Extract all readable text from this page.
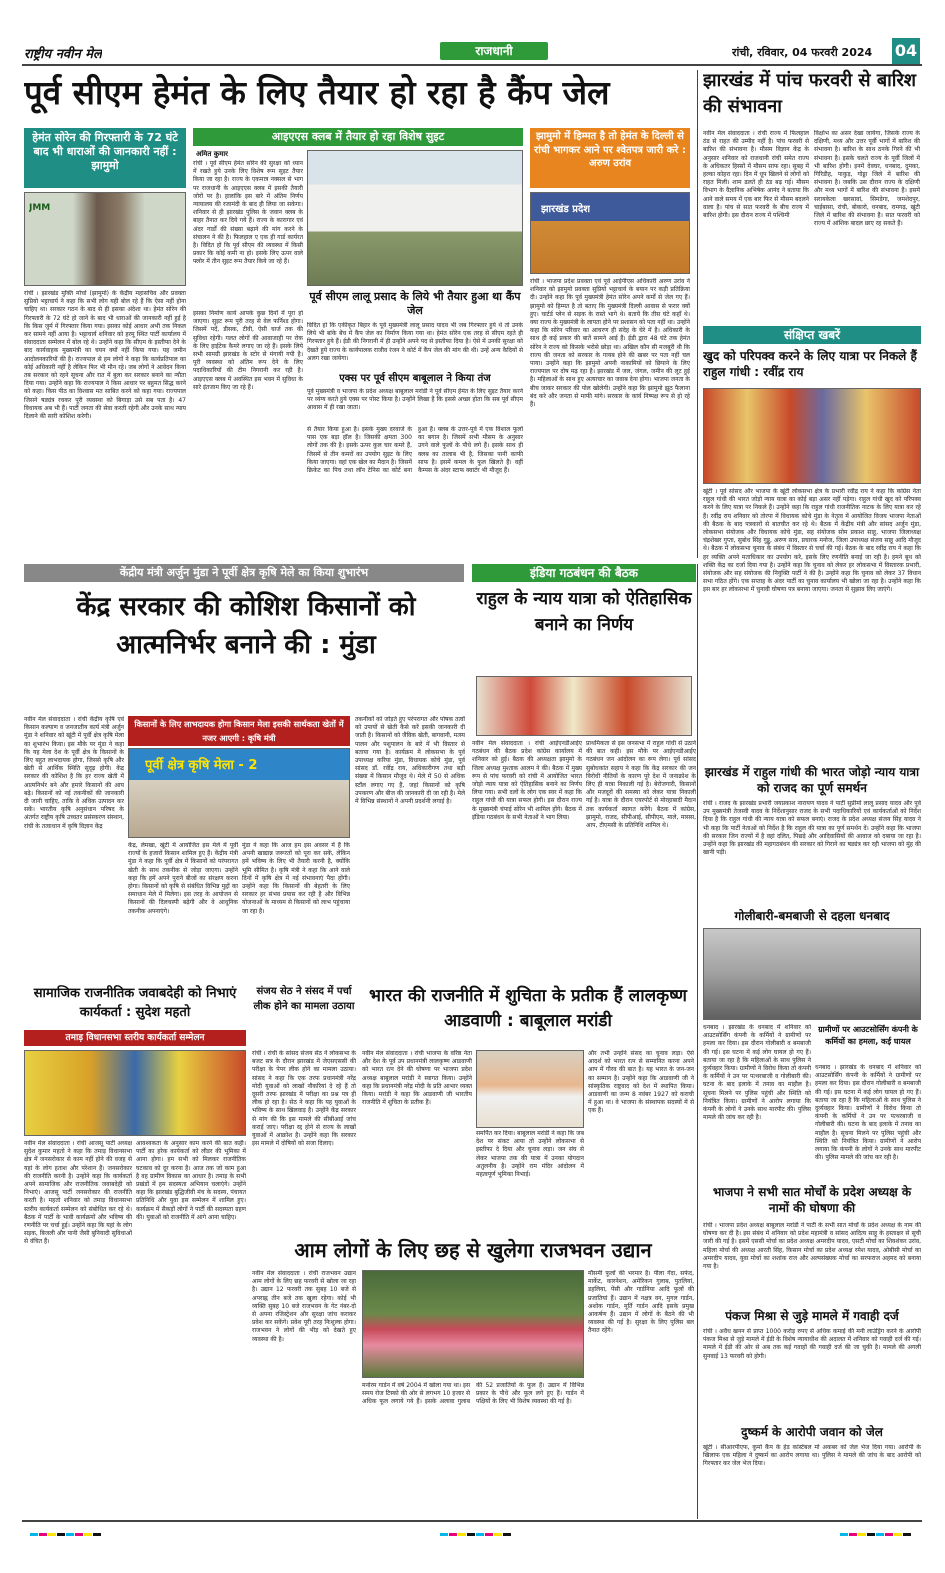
राष्ट्रीय नवीन मेल	राजधानी	रांची, रविवार, 04 फरवरी 2024 04
पूर्व सीएम हेमंत के लिए तैयार हो रहा है कैंप जेल
हेमंत सोरेन की गिरफ्तारी के 72 घंटे बाद भी धाराओं की जानकारी नहीं : झामुमो
JMM
रांची । झारखंड मुक्ति मोर्चा (झामुमो) के केंद्रीय महासचिव और प्रवक्ता सुप्रियो भट्टाचार्य ने कहा कि सभी लोग यही बोल रहे हैं कि ऐसा नहीं होना चाहिए था। सरकार गठन के बाद से ही इसका अंदेशा था। हेमंत सोरेन की गिरफ्तारी के 72 घंटे हो जाने के बाद भी धाराओं की जानकारी नहीं हुई है कि किस जुर्म में गिरफ्तार किया गया। इसका कोई आधार अभी तक निकल कर सामने नहीं आया है। भट्टाचार्य शनिवार को हरमू स्थित पार्टी कार्यालय में संवाददाता सम्मेलन में बोल रहे थे। उन्होंने कहा कि सीएम के इस्तीफा देने के बाद कार्यवाहक मुख्यमंत्री का चयन क्यों नहीं किया गया। यह जमीन आदोलनकारियों की है। राज्यपाल से हम लोगों ने कहा कि कार्यप्रतिपाल का कोई अधिकारी नहीं है लेकिन फिर भी मौन रहे। जब लोगों ने आवेदन किया तब सरकार को रहने सूचना और रात में बुला कर सरकार बनाने का न्यौता दिया गया। उन्होंने कहा कि राज्यपाल ने किस आधार पर बहुमत सिद्ध करने को कहा। किस पीठ का विश्वास मत साबित करने को कहा गया। राज्यपाल जिसने षड्यंत्र रचकर पूरी व्यवस्था को बिगाड़ा उसे सब पता है। 47 विधायक अब भी हैं। पार्टी जनता की सेवा करती रहेगी और उनके साथ न्याय दिलाने की सारी कोशिश करेगी।
आइएएस क्लब में तैयार हो रहा विशेष सुइट
अमित कुमार
रांची । पूर्व सीएम हेमंत सोरेन की सुरक्षा को ध्यान में रखते हुये उनके लिए विशेष रूम सुइट तैयार किया जा रहा है। राज्य के एकमात्र नक्सल से भाग पर राजधानी के आइएएस क्लब में इसकी तैयारी जोरों पर है। हालांकि इस बारे में अंतिम निर्णय न्यायालय की रजामंदी के बाद ही लिया जा सकेगा। शनिवार से ही झारखंड पुलिस के जवान क्लब के बाहर तैनात कर दिये गये हैं। राज्य के कारागार एवं अंदर गार्डों की संख्या बढ़ाने की मांग करने के संचालन ने की है। फिलहाल ए एक ही गार्ड कार्यरत है। विदित हो कि पूर्व सीएम की व्यवस्था में किसी प्रकार कि कोई कमी ना हो। इसके लिए ऊपर वाले फ्लोर में तीन सुइट रूम तैयार किये जा रहे हैं।
इसका निर्माण कार्य आपके कुछ दिनों में पूरा हो जाएगा। सुइट रूम पूरी तरह से वेल फर्निश्ड होगा। जिसमें पर्दे, डीसक, टीवी, ऐसी चार्ज तक की सुविधा रहेगी। गलत लोगों की आवाजाही पर रोक के लिए हाईटेक कैमरे लगाए जा रहे हैं। इसके लिये सभी सामग्री झारखंड के स्टोर से मंगायी गयी है। पूरी व्यवस्था को अंतिम रूप देने के लिए पदाधिकारियों की टीम निगरानी कर रही है। आइएएस क्लब में अवस्थित इस भवन में सुविधा के सारे इंतजाम किए जा रहे हैं।
पूर्व सीएम लालू प्रसाद के लिये भी तैयार हुआ था कैंप जेल
विदित हो कि एकीकृत बिहार के पूर्व मुख्यमंत्री लालू प्रसाद यादव भी जब गिरफ्तार हुये थे तो उनके लिये भी बांके बेंच में कैंप जेल का निर्माण किया गया था। हेमंत सोरेन एक तरह से सीएम रहते ही गिरफ्तार हुये हैं। ईडी की निगरानी में ही उन्होंने अपने पद से इस्तीफा दिया है। ऐसे में उनकी सुरक्षा को देखते हुये राज्य के कार्यपालक राजीव रंजन ने कोर्ट में कैंप जेल की मांग की थी। उन्हें अन्य कैदियों से अलग रखा जायेगा।
एक्स पर पूर्व सीएम बाबूलाल ने किया तंज
पूर्व मुख्यमंत्री व भाजपा के प्रदेश अध्यक्ष बाबूलाल मरांडी ने पूर्व सीएम हेमंत के लिए सुइट तैयार करने पर व्यंग्य करते हुये एक्स पर पोस्ट किया है। उन्होंने लिखा है कि इससे अच्छा होता कि सब पूर्व सीएम आवास में ही रखा जाता।
से तैयार किया हुआ है। इसके मुख्य दरवाजे के पास एक बड़ा हॉल है। जिसकी क्षमता 300 लोगों तक की है। इसके ऊपर कुल चार कमरे हैं, जिसमें से तीन कमरों का उपयोग सुइट के लिए किया जाएगा। वहां एक खेल का मैदान है। जिसमें क्रिकेट का पिच तथा लॉन टेनिस का कोर्ट बना हुआ है। क्लब के उत्तर-पूर्व में एक विशाल फूलों का बगान है। जिसमें सभी मौसम के अनुसार उगने वाले फूलों के पौधे लगे हैं। इसके साथ ही क्लब का तालाब भी है, जिसका पानी काफी साफ है। इसमें कमल के फूल खिलते हैं। वहीं कैम्पस के अंदर स्टाफ क्वार्टर भी मौजूद हैं।
झामुमो में हिम्मत है तो हेमंत के दिल्ली से रांची भागकर आने पर श्वेतपत्र जारी करे : अरुण उरांव
झारखंड प्रदेश
रांची । भाजपा प्रदेश प्रवक्ता एवं पूर्व आईपीएस अधिकारी अरुण उरांव ने शनिवार को झामुमो प्रवक्ता सुप्रियो भट्टाचार्य के बयान पर कड़ी प्रतिक्रिया दी। उन्होंने कहा कि पूर्व मुख्यमंत्री हेमंत सोरेन अपने कर्मों से जेल गए हैं। झामुमो को हिम्मत है तो बताए कि मुख्यमंत्री दिल्ली आवास से फरार क्यों हुए। चार्टर्ड प्लेन से सड़क के रास्ते भागे थे। बतायें कि तीस घंटे कहाँ थे। क्या राज्य के मुख्यमंत्री के लापता होने पर प्रशासन को पता नहीं था। उन्होंने कहा कि सोरेन परिवार का आचरण ही संदेह के घेरे में है। अधिकारी के साथ ही कई प्रकार की बातें सामने आई हैं। ईडी द्वारा 48 घंटे तक हेमंत सोरेन ने राज्य को किसके भरोसे छोड़ा था। अखिल कौन सी मजबूरी थी कि राज्य की जनता को सरकार के गायब होने की खबर पर पता नहीं चल पाया। उन्होंने कहा कि झामुमो अपनी नाकामियों को छिपाने के लिए राज्यपाल पर दोष मढ़ रहा है। झारखंड में जल, जंगल, जमीन की लूट हुई है। महिलाओं के साथ हुए अत्याचार का जवाब देना होगा। भाजपा जनता के बीच जाकर सरकार की पोल खोलेगी। उन्होंने कहा कि झामुमो झूठ फैलाना बंद करे और जनता से माफी मांगे। सरकार के कार्य निष्पक्ष रूप से हो रहे हैं।
झारखंड में पांच फरवरी से बारिश की संभावना
नवीन मेल संवाददाता । रांची राज्य में फिलहाल ठंड से राहत की उम्मीद नहीं है। पांच फरवरी से बारिश की संभावना है। मौसम विज्ञान केंद्र के अनुसार शनिवार को राजधानी रांची समेत राज्य के अधिकतर हिस्सों में मौसम साफ रहा। सुबह में हल्का कोहरा रहा। दिन में धूप खिलने से लोगों को राहत मिली। शाम ढलते ही ठंड बढ़ गई। मौसम विभाग के वैज्ञानिक अभिषेक आनंद ने बताया कि आने वाले समय में एक बार फिर से मौसम बदलने वाला है। पांच से सात फरवरी के बीच राज्य में बारिश होगी। इस दौरान राज्य में पश्चिमी
विक्षोभ का असर देखा जायेगा, जिसके राज्य के दक्षिणी, मध्य और उत्तर पूर्वी भागों में बारिश की संभावना है। बारिश के साथ ठनके गिरने की भी संभावना है। इसके चलते राज्य के पूर्वी जिलों में भी बारिश होगी। इनमें देवघर, धनबाद, दुमका, गिरिडीह, पाकुड़, गोड्डा जिले में बारिश की संभावना है। जबकि उस दौरान राज्य के दक्षिणी और मध्य भागों में बारिश की संभावना है। इसमें सरायकेला खरसावां, सिमडेगा, जमशेदपुर, चाईबासा, रांची, बोकारो, धनबाद, रामगढ़, खूंटी जिले में बारिश की संभावना है। सात फरवरी को राज्य में आंशिक बादल छाए रह सकते हैं।
संक्षिप्त खबरें
खुद को परिपक्व करने के लिए यात्रा पर निकले हैं राहुल गांधी : रवींद्र राय
खूंटी । पूर्व सांसद और भाजपा के खूंटी लोकसभा क्षेत्र के प्रभारी रवींद्र राय ने कहा कि कांग्रेस नेता राहुल गांधी की भारत जोड़ो न्याय यात्रा का कोई बड़ा असर नहीं पड़ेगा। राहुल गांधी खुद को परिपक्व करने के लिए यात्रा पर निकले हैं। उन्होंने कहा कि राहुल गांधी राजनीतिक नाटक के लिए यात्रा कर रहे हैं। रवींद्र राय शनिवार को तोरपा में विधायक कोचे मुंडा के नेतृत्व में आयोजित विजय भाजपा नेताओं की बैठक के बाद पत्रकारों से बातचीत कर रहे थे। बैठक में केंद्रीय मंत्री और सांसद अर्जुन मुंडा, लोकसभा संयोजक और विधायक कोचे मुंडा, सह संयोजक सोम प्रकाश साहू, भाजपा जिलाध्यक्ष चंद्रशेखर गुप्ता, सुबोध सिंह गुड्डू, अरुण साव, प्रचारक मनोज, जिला उपाध्यक्ष संजय साहू आदि मौजूद थे। बैठक में लोकसभा चुनाव के संबंध में विस्तार से चर्चा की गई। बैठक के बाद रवींद्र राय ने कहा कि हर व्यक्ति अपने मताधिकार का उपयोग करे, इसके लिए रणनीति बनाई जा रही है। हमने बूथ को शक्ति केंद्र का दर्जा दिया गया है। उन्होंने कहा कि चुनाव को लेकर हर लोकसभा में विस्तारक प्रभारी, संयोजक और सह संयोजक की नियुक्ति पार्टी ने की है। उन्होंने कहा कि चुनाव को लेकर 37 विधान सभा गठित होंगे। एक सप्ताह के अंदर पार्टी का चुनाव कार्यालय भी खोला जा रहा है। उन्होंने कहा कि इस बार हर लोकसभा में चुनावी घोषणा पत्र बनाया जाएगा। जनता से सुझाव लिए जाएंगे।
केंद्रीय मंत्री अर्जुन मुंडा ने पूर्वी क्षेत्र कृषि मेले का किया शुभारंभ
केंद्र सरकार की कोशिश किसानों को आत्मनिर्भर बनाने की : मुंडा
नवीन मेल संवाददाता । रांची केंद्रीय कृषि एवं किसान कल्याण व जनजातीय कार्य मंत्री अर्जुन मुंडा ने शनिवार को खूंटी में पूर्वी क्षेत्र कृषि मेला का शुभारंभ किया। इस मौके पर मुंडा ने कहा कि यह मेला देश के पूर्वी क्षेत्र के किसानों के लिए बहुत लाभदायक होगा, जिससे कृषि और खेती से आर्थिक स्थिति सुदृढ़ होगी। केंद्र सरकार की कोशिश है कि हर राज्य खेती में आत्मनिर्भर बने और हमारे किसानों की आय बढ़े। किसानों को नई तकनीकों की जानकारी दी जानी चाहिए, ताकि वे अधिक उत्पादन कर सकें। भारतीय कृषि अनुसंधान परिषद के अंतर्गत राष्ट्रीय कृषि उच्चतर प्रसंस्करण संस्थान, रांची के तत्वाधान में कृषि विज्ञान केंद्र
किसानों के लिए लाभदायक होगा किसान मेला इसकी सार्थकता खेतों में नजर आएगी : कृषि मंत्री
पूर्वी क्षेत्र कृषि मेला - 2
केंद्र, लेमखा, खूंटी में आयोजित इस मेले में पूर्वी राज्यों के हजारों किसान शामिल हुए हैं। केंद्रीय मंत्री मुंडा ने कहा कि पूर्वी क्षेत्र में किसानों को परंपरागत खेती के साथ तकनीक से जोड़ा जाएगा। उन्होंने कहा कि हमें अपने पुराने बीजों का संरक्षण करना होगा। किसानों को कृषि से संबंधित विभिन्न मुद्दों का समाधान मेले में मिलेगा। इस तरह के आयोजन से किसानों की दिलचस्पी बढ़ेगी और वे आधुनिक तकनीक अपनाएंगे।
मुंडा ने कहा कि आज हम इस अवसर में हैं कि अपनी खाद्यान्न जरूरतों को पूरा कर सकें, लेकिन हमें भविष्य के लिए भी तैयारी करनी है, क्योंकि भूमि सीमित है। कृषि मंत्री ने कहा कि आने वाले दिनों में कृषि क्षेत्र में नई संभावनाएं पैदा होंगी। उन्होंने कहा कि किसानों की बेहतरी के लिए सरकार हर संभव प्रयास कर रही है और विभिन्न योजनाओं के माध्यम से किसानों को लाभ पहुंचाया जा रहा है।
तकनीकों को जोड़ते हुए परंपरागत और पोषक तत्वों को उपायों से खेती कैसे करें इसकी जानकारी दी जाती है। किसानों को जैविक खेती, बागवानी, मत्स्य पालन और पशुपालन के बारे में भी विस्तार से बताया गया है। कार्यक्रम में लोकसभा के पूर्व उपाध्यक्ष करिया मुंडा, विधायक कोचे मुंडा, पूर्व सांसद डॉ. रवींद्र राय, अधिकारीगण तथा बड़ी संख्या में किसान मौजूद थे। मेले में 50 से अधिक स्टॉल लगाए गए हैं, जहां किसानों को कृषि उपकरण और बीज की जानकारी दी जा रही है। मेले में विभिन्न संस्थानों ने अपनी प्रदर्शनी लगाई है।
इंडिया गठबंधन की बैठक
राहुल के न्याय यात्रा को ऐतिहासिक बनाने का निर्णय
नवीन मेल संवाददाता । रांची आईएनडीआईए गठबंधन की बैठक प्रदेश कांग्रेस कार्यालय में शनिवार को हुई। बैठक की अध्यक्षता झामुमो के जिला अध्यक्ष मुश्ताक आलम ने की। बैठक में मुख्य रूप से पांच फरवरी को रांची में आयोजित भारत जोड़ो न्याय यात्रा को ऐतिहासिक बनाने का निर्णय लिया गया। सभी दलों के लोग एक स्वर में कहा कि राहुल गांधी की यात्रा सफल होगी। इस दौरान राज्य के मुख्यमंत्री चंपाई सोरेन भी शामिल होंगे। बैठक में इंडिया गठबंधन के सभी नेताओं ने भाग लिया।
प्राथमिकता से इस जनसभा में राहुल गांधी से उठाने की बात कही। इस मौके पर आईएनडीआईए गठबंधन जन आंदोलन का रूप लेगा। पूर्व सांसद सुबोधकांत सहाय ने कहा कि केंद्र सरकार की जन विरोधी नीतियों के कारण पूरे देश में जनाक्रोश के लिए ही यात्रा निकाली गई है। बेरोजगारी, किसानों और मजदूरों की समस्या को लेकर यात्रा निकाली गई है। यात्रा के दौरान एयरपोर्ट से मोरहाबादी मैदान तक कार्यकर्ता स्वागत करेंगे। बैठक में कांग्रेस, झामुमो, राजद, सीपीआई, सीपीएम, माले, मासस, आप, टीएमसी के प्रतिनिधि शामिल थे।
झारखंड में राहुल गांधी की भारत जोड़ो न्याय यात्रा को राजद का पूर्ण समर्थन
रांची । राजद के झारखंड प्रभारी जयप्रकाश नारायण यादव ने पार्टी सुप्रीमो लालू प्रसाद यादव और पूर्व उप मुख्यमंत्री तेजस्वी यादव के निर्देशानुसार राजद के सभी पदाधिकारियों एवं कार्यकर्ताओं को निर्देश दिया है कि राहुल गांधी की न्याय यात्रा को सफल बनाएं। राजद के प्रदेश अध्यक्ष संजय सिंह यादव ने भी कहा कि पार्टी नेताओं को निर्देश है कि राहुल की यात्रा का पूर्ण समर्थन दें। उन्होंने कहा कि भाजपा की सरकार जिन राज्यों में है वहां दलित, पिछड़े और आदिवासियों की आवाज को दबाया जा रहा है। उन्होंने कहा कि झारखंड की महागठबंधन की सरकार को गिराने का षड्यंत्र कर रही भाजपा को मुंह की खानी पड़ी।
गोलीबारी-बमबाजी से दहला धनबाद
धनबाद । झारखंड के धनबाद में शनिवार को आउटसोर्सिंग कंपनी के कर्मियों ने ग्रामीणों पर हमला कर दिया। इस दौरान गोलीबारी व बमबाजी की गई। इस घटना में कई लोग घायल हो गए हैं। बताया जा रहा है कि महिलाओं के साथ पुलिस ने दुर्व्यवहार किया। ग्रामीणों ने विरोध किया तो कंपनी के कर्मियों ने उन पर पत्थरबाजी व गोलीबारी की। घटना के बाद इलाके में तनाव का माहौल है। सूचना मिलने पर पुलिस पहुंची और स्थिति को नियंत्रित किया। ग्रामीणों ने आरोप लगाया कि कंपनी के लोगों ने उनके साथ मारपीट की। पुलिस मामले की जांच कर रही है।
ग्रामीणों पर आउटसोर्सिंग कंपनी के कर्मियों का हमला, कई घायल
धनबाद । झारखंड के धनबाद में शनिवार को आउटसोर्सिंग कंपनी के कर्मियों ने ग्रामीणों पर हमला कर दिया। इस दौरान गोलीबारी व बमबाजी की गई। इस घटना में कई लोग घायल हो गए हैं। बताया जा रहा है कि महिलाओं के साथ पुलिस ने दुर्व्यवहार किया। ग्रामीणों ने विरोध किया तो कंपनी के कर्मियों ने उन पर पत्थरबाजी व गोलीबारी की। घटना के बाद इलाके में तनाव का माहौल है। सूचना मिलने पर पुलिस पहुंची और स्थिति को नियंत्रित किया। ग्रामीणों ने आरोप लगाया कि कंपनी के लोगों ने उनके साथ मारपीट की। पुलिस मामले की जांच कर रही है।
भाजपा ने सभी सात मोर्चों के प्रदेश अध्यक्ष के नामों की घोषणा की
रांची । भाजपा प्रदेश अध्यक्ष बाबूलाल मरांडी ने पार्टी के सभी सात मोर्चों के प्रदेश अध्यक्ष के नाम की घोषणा कर दी है। इस संबंध में शनिवार को प्रदेश महामंत्री व सांसद आदित्य साहू के हस्ताक्षर से सूची जारी की गई है। इसमें एससी मोर्चा का प्रदेश अध्यक्ष अमरदीप यादव, एसटी मोर्चा का शिवशंकर उरांव, महिला मोर्चा की अध्यक्ष आरती सिंह, किसान मोर्चा का प्रदेश अध्यक्ष रमेश यादव, ओबीसी मोर्चा का अमरदीप यादव, युवा मोर्चा का शशांक राज और अल्पसंख्यक मोर्चा का सरफराज अहमद को बनाया गया है।
पंकज मिश्रा से जुड़े मामले में गवाही दर्ज
रांची । अवैध खनन से प्राप्त 1000 करोड़ रुपए से अधिक कमाई की मनी लाउंड्रिंग करने के आरोपी पंकज मिश्रा से जुड़े मामले में ईडी के विशेष न्यायाधीश की अदालत में शनिवार को गवाही दर्ज की गई। मामले में ईडी की ओर से अब तक कई गवाहों की गवाही दर्ज की जा चुकी है। मामले की अगली सुनवाई 13 फरवरी को होगी।
दुष्कर्म के आरोपी जवान को जेल
खूंटी । सीआरपीएफ, कुर्मा कैंप के हेड कांस्टेबल मो अकबर को जेल भेज दिया गया। आरोपी के खिलाफ एक महिला ने दुष्कर्म का आरोप लगाया था। पुलिस ने मामले की जांच के बाद आरोपी को गिरफ्तार कर जेल भेज दिया।
सामाजिक राजनीतिक जवाबदेही को निभाएं कार्यकर्ता : सुदेश महतो
तमाड़ विधानसभा स्तरीय कार्यकर्ता सम्मेलन
नवीन मेल संवाददाता । रांची आजसू पार्टी अध्यक्ष सुदेश कुमार महतो ने कहा कि तमाड़ विधानसभा क्षेत्र में जनसरोकार से काम नहीं होने की वजह से यहां के लोग हताश और परेशान हैं। जनसरोकार की राजनीति करनी है। उन्होंने कहा कि कार्यकर्ता अपने सामाजिक और राजनीतिक जवाबदेही को निभाएं। आजसू पार्टी जनसरोकार की राजनीति करती है। महतो शनिवार को तमाड़ विधानसभा स्तरीय कार्यकर्ता सम्मेलन को संबोधित कर रहे थे। बैठक में पार्टी के भावी कार्यक्रमों और भविष्य की रणनीति पर चर्चा हुई। उन्होंने कहा कि यहां के लोग सड़क, बिजली और पानी जैसी बुनियादी सुविधाओं से वंचित हैं।
आवश्यकता के अनुसार काम करने की बात कही। पार्टी का हरेक कार्यकर्ता को लीडर की भूमिका में आना होगा। हम सभी को मिलकर राजनीतिक घटकाव को दूर करना है। आज तक जो काम हुआ है वह ग्रामीण विकास का आधार है। तमाड़ के सभी प्रखंडों में हम सदस्यता अभियान चलाएंगे। उन्होंने कहा कि झारखंड बुद्धिजीवी मंच के सदस्य, पंचायत प्रतिनिधि और युवा इस सम्मेलन में शामिल हुए। कार्यक्रम में सैकड़ों लोगों ने पार्टी की सदस्यता ग्रहण की। युवाओं को राजनीति में आगे आना चाहिए।
संजय सेठ ने संसद में पर्चा लीक होने का मामला उठाया
रांची । रांची के सांसद संजय सेठ ने लोकसभा के बजट सत्र के दौरान झारखंड में जेएसएससी की परीक्षा के पेपर लीक होने का मामला उठाया। सांसद ने कहा कि एक तरफ प्रधानमंत्री नरेंद्र मोदी युवाओं को लाखों नौकरियां दे रहे हैं तो दूसरी तरफ झारखंड में परीक्षा का प्रश्न पत्र ही लीक हो रहा है। सेठ ने कहा कि यह युवाओं के भविष्य के साथ खिलवाड़ है। उन्होंने केंद्र सरकार से मांग की कि इस मामले की सीबीआई जांच कराई जाए। परीक्षा रद्द होने से राज्य के लाखों युवाओं में आक्रोश है। उन्होंने कहा कि सरकार इस मामले में दोषियों को सजा दिलाए।
भारत की राजनीति में शुचिता के प्रतीक हैं लालकृष्ण आडवाणी : बाबूलाल मरांडी
नवीन मेल संवाददाता । रांची भाजपा के वरिष्ठ नेता और देश के पूर्व उप प्रधानमंत्री लालकृष्ण आडवाणी को भारत रत्न देने की घोषणा पर भाजपा प्रदेश अध्यक्ष बाबूलाल मरांडी ने स्वागत किया। उन्होंने कहा कि प्रधानमंत्री नरेंद्र मोदी के प्रति आभार व्यक्त किया। मरांडी ने कहा कि आडवाणी जी भारतीय राजनीति में शुचिता के प्रतीक हैं।
समर्पित कर दिया। बाबूलाल मरांडी ने कहा कि जब देश पर संकट आया तो उन्होंने लोकसभा से इस्तीफा दे दिया और चुनाव लड़ा। जन संघ से लेकर भाजपा तक की यात्रा में उनका योगदान अतुलनीय है। उन्होंने राम मंदिर आंदोलन में महत्वपूर्ण भूमिका निभाई।
और तभी उन्होंने संसद का चुनाव लड़ा। ऐसे आदर्श को भारत रत्न से सम्मानित करना अपने आप में गौरव की बात है। यह भारत के जन-जन का सम्मान है। उन्होंने कहा कि आडवाणी जी ने सांस्कृतिक राष्ट्रवाद को देश में स्थापित किया। आडवाणी का जन्म 8 नवंबर 1927 को कराची में हुआ था। वे भाजपा के संस्थापक सदस्यों में से एक हैं।
आम लोगों के लिए छह से खुलेगा राजभवन उद्यान
नवीन मेल संवाददाता । रांची राजभवन उद्यान आम लोगों के लिए छह फरवरी से खोला जा रहा है। उद्यान 12 फरवरी तक सुबह 10 बजे से अपराह्न तीन बजे तक खुला रहेगा। कोई भी व्यक्ति सुबह 10 बजे राजभवन के गेट नंबर-दो से अपना रजिस्ट्रेशन और सुरक्षा जांच कराकर प्रवेश कर सकेंगे। प्रवेश पूरी तरह निःशुल्क होगा। राजभवन ने लोगों की भीड़ को देखते हुए व्यवस्था की है।
मनोरम गार्डन में वर्ष 2004 में खोला गया था। इस समय रोज टिस्को की ओर से लगभग 10 हजार से अधिक फूल लगाये गये हैं। इसके अलावा गुलाब की 52 प्रजातियों के फूल हैं। उद्यान में विभिन्न प्रकार के पौधे और फूल लगे हुए हैं। गार्डन में पक्षियों के लिए भी विशेष व्यवस्था की गई है।
मौसमी फूलों की भरमार है। पीला गेंदा, सफेद, मार्केट, कारनेशन, अमेरिकन गुलाब, पुतलियां, डहलिया, पेंसी और गार्डनिया आदि फूलों की प्रजातियां हैं। उद्यान में नक्षत्र वन, मुगल गार्डन, अशोक गार्डन, मूर्ति गार्डन आदि इसके प्रमुख आकर्षण हैं। उद्यान में लोगों के बैठने की भी व्यवस्था की गई है। सुरक्षा के लिए पुलिस बल तैनात रहेंगे।
